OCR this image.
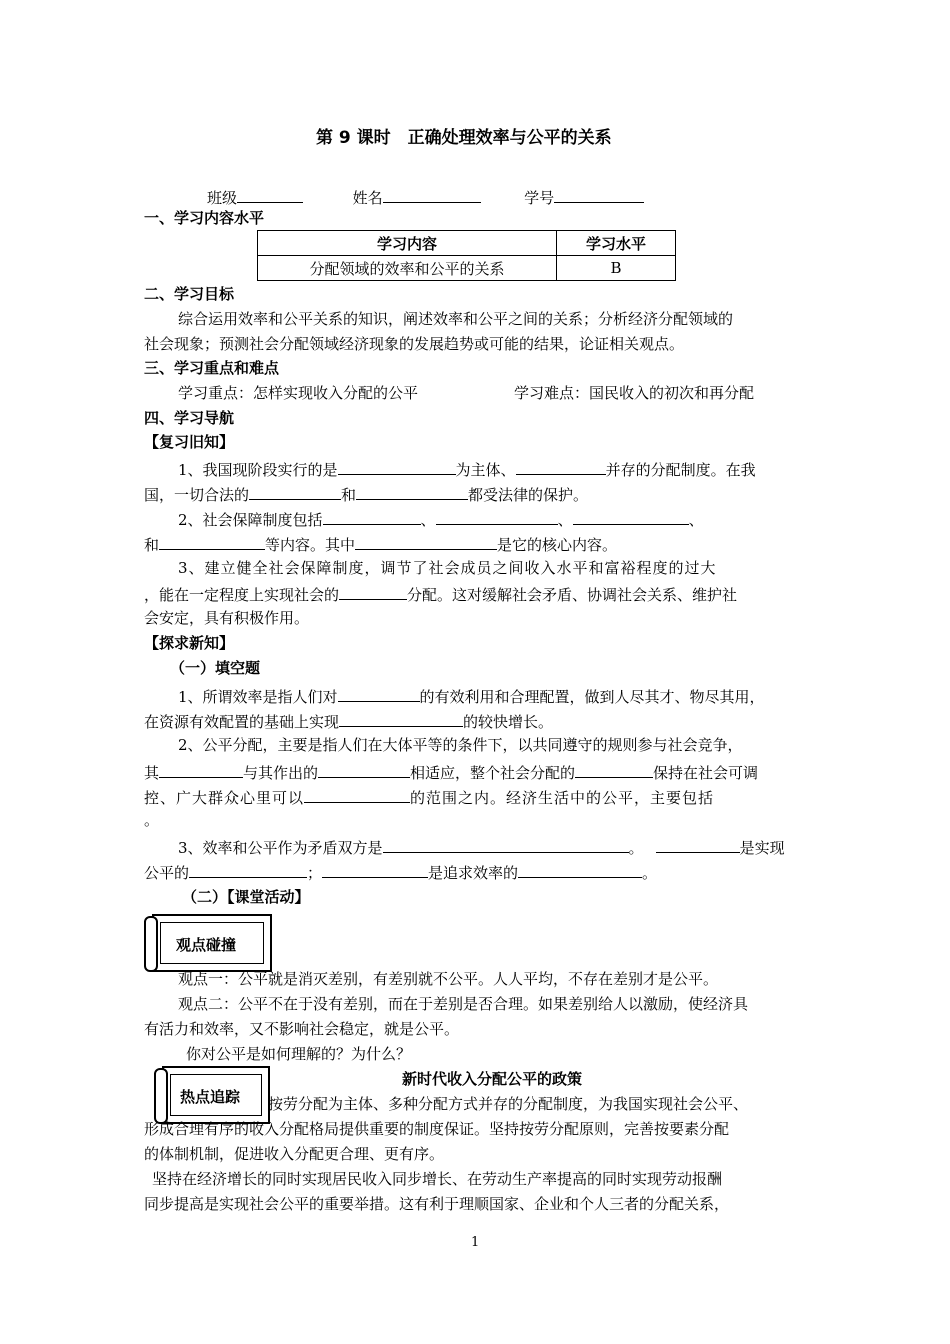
第 9 课时　正确处理效率与公平的关系
班级	姓名	学号
一、学习内容水平
学习内容	学习水平
分配领域的效率和公平的关系	B
二、学习目标
综合运用效率和公平关系的知识，阐述效率和公平之间的关系；分析经济分配领域的
社会现象；预测社会分配领域经济现象的发展趋势或可能的结果，论证相关观点。
三、学习重点和难点
学习重点：怎样实现收入分配的公平	学习难点：国民收入的初次和再分配
四、学习导航
【复习旧知】
1、我国现阶段实行的是	为主体、	并存的分配制度。在我
国，一切合法的	和	都受法律的保护。
2、社会保障制度包括	、	、	、
和	等内容。其中	是它的核心内容。
3、建立健全社会保障制度，调节了社会成员之间收入水平和富裕程度的过大
，能在一定程度上实现社会的	分配。这对缓解社会矛盾、协调社会关系、维护社
会安定，具有积极作用。
【探求新知】
（一）填空题
1、所谓效率是指人们对	的有效利用和合理配置，做到人尽其才、物尽其用，
在资源有效配置的基础上实现	的较快增长。
2、公平分配，主要是指人们在大体平等的条件下，以共同遵守的规则参与社会竞争，
其	与其作出的	相适应，整个社会分配的	保持在社会可调
控、广大群众心里可以	的范围之内。经济生活中的公平，主要包括
。
3、效率和公平作为矛盾双方是	。	是实现
公平的	；	是追求效率的	。
（二）【课堂活动】
观点碰撞
观点一：公平就是消灭差别，有差别就不公平。人人平均，不存在差别才是公平。
观点二：公平不在于没有差别，而在于差别是否合理。如果差别给人以激励，使经济具
有活力和效率，又不影响社会稳定，就是公平。
你对公平是如何理解的？为什么？
新时代收入分配公平的政策
热点追踪 按劳分配为主体、多种分配方式并存的分配制度，为我国实现社会公平、
形成合理有序的收入分配格局提供重要的制度保证。坚持按劳分配原则，完善按要素分配
的体制机制，促进收入分配更合理、更有序。
坚持在经济增长的同时实现居民收入同步增长、在劳动生产率提高的同时实现劳动报酬
同步提高是实现社会公平的重要举措。这有利于理顺国家、企业和个人三者的分配关系，
1
